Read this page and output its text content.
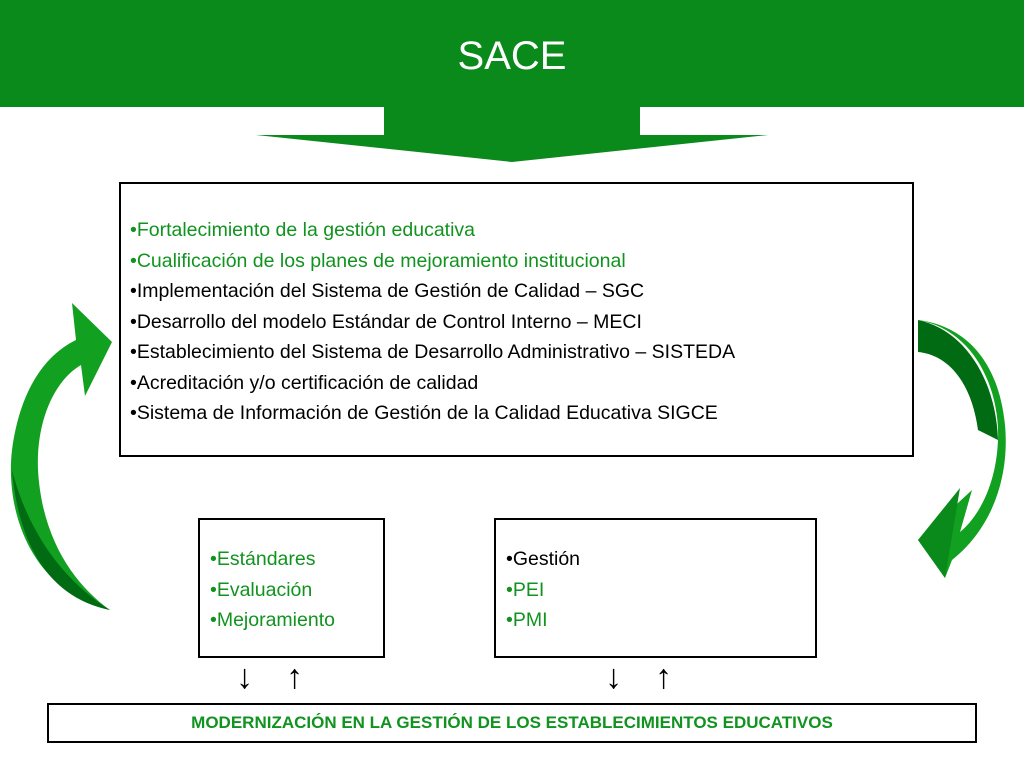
SACE
•Fortalecimiento de la gestión educativa
•Cualificación de los planes de mejoramiento institucional
•Implementación del Sistema de Gestión de Calidad – SGC
•Desarrollo del modelo Estándar de Control Interno – MECI
•Establecimiento del Sistema de Desarrollo Administrativo – SISTEDA
•Acreditación y/o certificación de calidad
•Sistema de Información de Gestión de la Calidad Educativa SIGCE
•Estándares
•Evaluación
•Mejoramiento
•Gestión
•PEI
•PMI
↓ ↑	↓ ↑
MODERNIZACIÓN EN LA GESTIÓN DE LOS ESTABLECIMIENTOS EDUCATIVOS
